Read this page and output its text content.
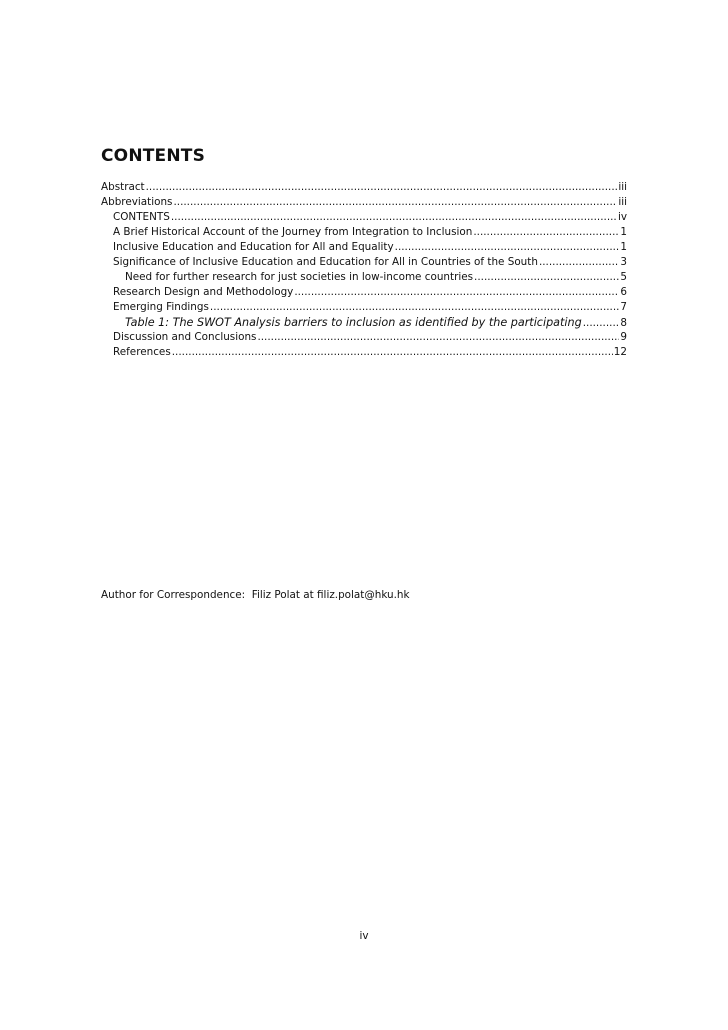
CONTENTS
Abstract .....	iii
Abbreviations .....	iii
CONTENTS .....	iv
A Brief Historical Account of the Journey from Integration to Inclusion .....	1
Inclusive Education and Education for All and Equality .....	1
Significance of Inclusive Education and Education for All in Countries of the South .....	3
Need for further research for just societies in low-income countries .....	5
Research Design and Methodology .....	6
Emerging Findings .....	7
Table 1: The SWOT Analysis barriers to inclusion as identified by the participating .....	8
Discussion and Conclusions .....	9
References .....	12
Author for Correspondence:  Filiz Polat at filiz.polat@hku.hk
iv
